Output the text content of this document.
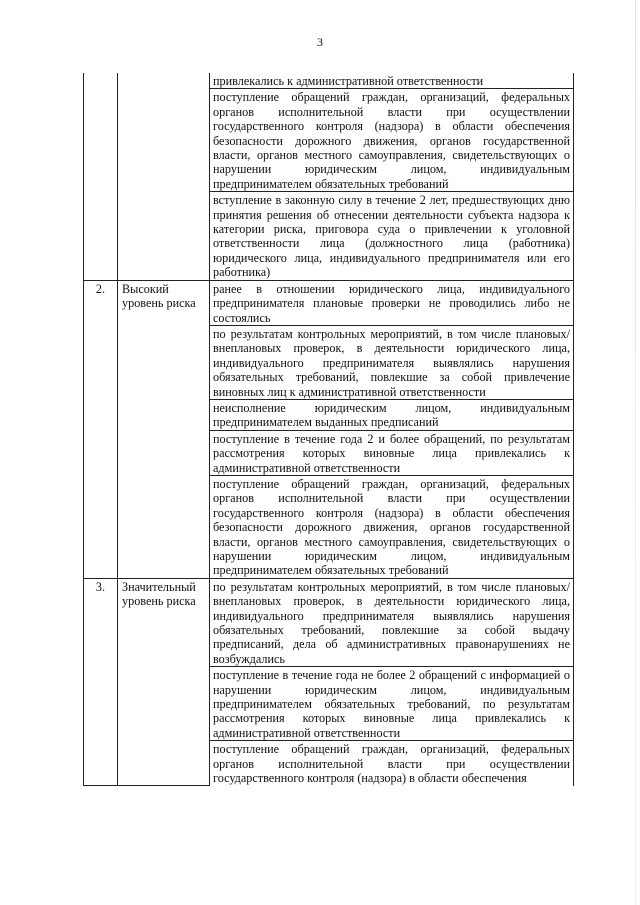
3
		привлекались к административной ответственности
		поступление обращений граждан, организаций, федеральных органов исполнительной власти при осуществлении государственного контроля (надзора) в области обеспечения безопасности дорожного движения, органов государственной власти, органов местного самоуправления, свидетельствующих о нарушении юридическим лицом, индивидуальным предпринимателем обязательных требований
		вступление в законную силу в течение 2 лет, предшествующих дню принятия решения об отнесении деятельности субъекта надзора к категории риска, приговора суда о привлечении к уголовной ответственности лица (должностного лица (работника) юридического лица, индивидуального предпринимателя или его работника)
2.	Высокий уровень риска	ранее в отношении юридического лица, индивидуального предпринимателя плановые проверки не проводились либо не состоялись
		по результатам контрольных мероприятий, в том числе плановых/внеплановых проверок, в деятельности юридического лица, индивидуального предпринимателя выявлялись нарушения обязательных требований, повлекшие за собой привлечение виновных лиц к административной ответственности
		неисполнение юридическим лицом, индивидуальным предпринимателем выданных предписаний
		поступление в течение года 2 и более обращений, по результатам рассмотрения которых виновные лица привлекались к административной ответственности
		поступление обращений граждан, организаций, федеральных органов исполнительной власти при осуществлении государственного контроля (надзора) в области обеспечения безопасности дорожного движения, органов государственной власти, органов местного самоуправления, свидетельствующих о нарушении юридическим лицом, индивидуальным предпринимателем обязательных требований
3.	Значительный уровень риска	по результатам контрольных мероприятий, в том числе плановых/внеплановых проверок, в деятельности юридического лица, индивидуального предпринимателя выявлялись нарушения обязательных требований, повлекшие за собой выдачу предписаний, дела об административных правонарушениях не возбуждались
		поступление в течение года не более 2 обращений с информацией о нарушении юридическим лицом, индивидуальным предпринимателем обязательных требований, по результатам рассмотрения которых виновные лица привлекались к административной ответственности
		поступление обращений граждан, организаций, федеральных органов исполнительной власти при осуществлении государственного контроля (надзора) в области обеспечения
